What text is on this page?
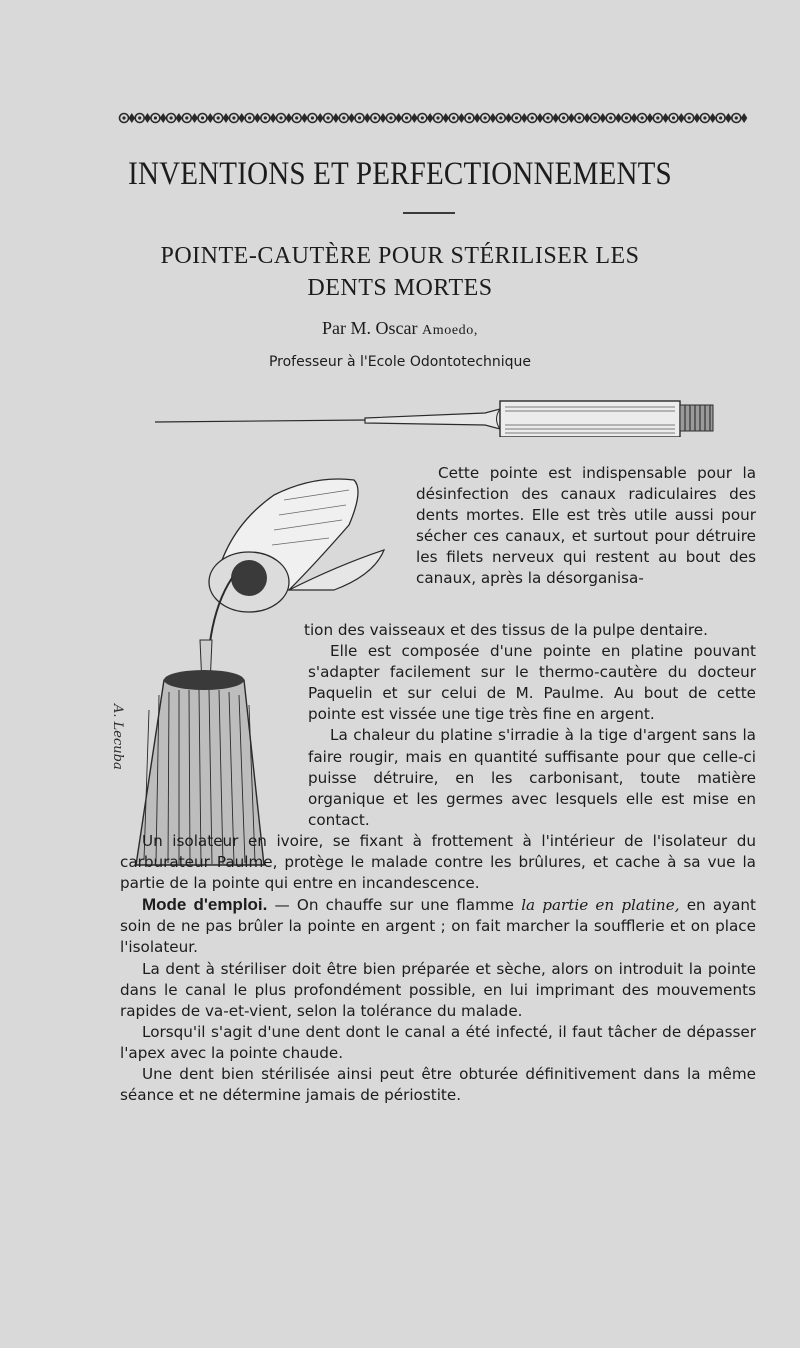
INVENTIONS ET PERFECTIONNEMENTS
POINTE-CAUTÈRE POUR STÉRILISER LES
DENTS MORTES
Par M. Oscar Amoedo,
Professeur à l'Ecole Odontotechnique
A. Lecuba

Cette pointe est indispensable pour la désinfection des canaux radiculaires des dents mortes. Elle est très utile aussi pour sécher ces canaux, et surtout pour détruire les filets nerveux qui restent au bout des canaux, après la désorganisa-

tion des vaisseaux et des tissus de la pulpe dentaire.

Elle est composée d'une pointe en platine pouvant s'adapter facilement sur le thermo-cautère du docteur Paquelin et sur celui de M. Paulme. Au bout de cette pointe est vissée une tige très fine en argent.

La chaleur du platine s'irradie à la tige d'argent sans la faire rougir, mais en quantité suffisante pour que celle-ci puisse détruire, en les carbonisant, toute matière organique et les germes avec lesquels elle est mise en contact.

Un isolateur en ivoire, se fixant à frottement à l'intérieur de l'isolateur du carburateur Paulme, protège le malade contre les brûlures, et cache à sa vue la partie de la pointe qui entre en incandescence.

Mode d'emploi. — On chauffe sur une flamme la partie en platine, en ayant soin de ne pas brûler la pointe en argent ; on fait marcher la soufflerie et on place l'isolateur.

La dent à stériliser doit être bien préparée et sèche, alors on introduit la pointe dans le canal le plus profondément possible, en lui imprimant des mouvements rapides de va-et-vient, selon la tolérance du malade.

Lorsqu'il s'agit d'une dent dont le canal a été infecté, il faut tâcher de dépasser l'apex avec la pointe chaude.

Une dent bien stérilisée ainsi peut être obturée définitivement dans la même séance et ne détermine jamais de périostite.
